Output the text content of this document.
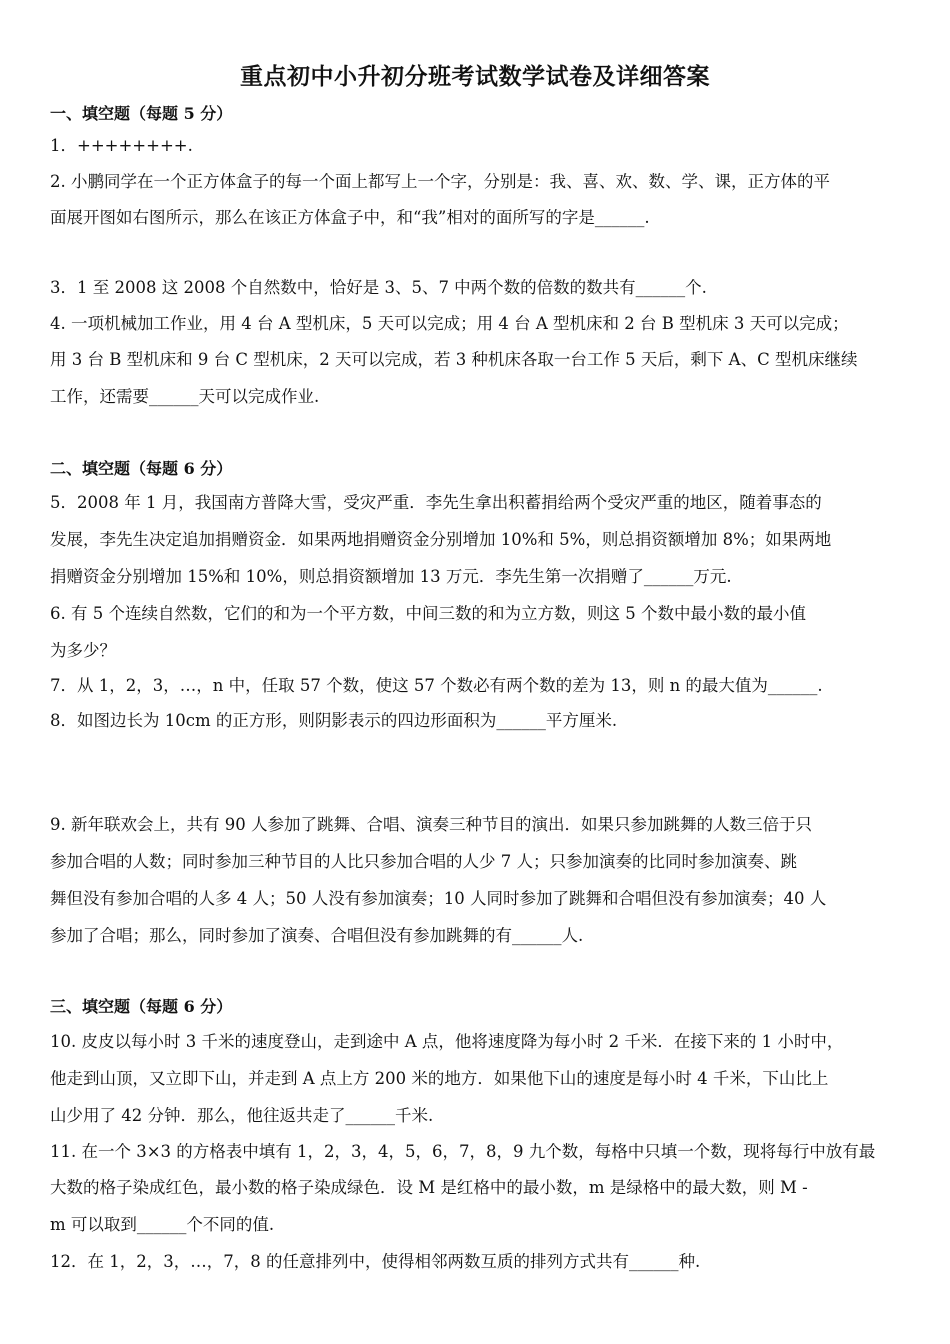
重点初中小升初分班考试数学试卷及详细答案
一、填空题（每题 5 分）
1．++++++++.
2. 小鹏同学在一个正方体盒子的每一个面上都写上一个字，分别是：我、喜、欢、数、学、课，正方体的平
面展开图如右图所示，那么在该正方体盒子中，和“我”相对的面所写的字是______.
3．1 至 2008 这 2008 个自然数中，恰好是 3、5、7 中两个数的倍数的数共有______个.
4. 一项机械加工作业，用 4 台 A 型机床，5 天可以完成；用 4 台 A 型机床和 2 台 B 型机床 3 天可以完成；
用 3 台 B 型机床和 9 台 C 型机床，2 天可以完成，若 3 种机床各取一台工作 5 天后，剩下 A、C 型机床继续
工作，还需要______天可以完成作业.
二、填空题（每题 6 分）
5．2008 年 1 月，我国南方普降大雪，受灾严重．李先生拿出积蓄捐给两个受灾严重的地区，随着事态的
发展，李先生决定追加捐赠资金．如果两地捐赠资金分别增加 10%和 5%，则总捐资额增加 8%；如果两地
捐赠资金分别增加 15%和 10%，则总捐资额增加 13 万元．李先生第一次捐赠了______万元.
6. 有 5 个连续自然数，它们的和为一个平方数，中间三数的和为立方数，则这 5 个数中最小数的最小值
为多少？
7．从 1，2，3，…，n 中，任取 57 个数，使这 57 个数必有两个数的差为 13，则 n 的最大值为______.
8．如图边长为 10cm 的正方形，则阴影表示的四边形面积为______平方厘米.
9. 新年联欢会上，共有 90 人参加了跳舞、合唱、演奏三种节目的演出．如果只参加跳舞的人数三倍于只
参加合唱的人数；同时参加三种节目的人比只参加合唱的人少 7 人；只参加演奏的比同时参加演奏、跳
舞但没有参加合唱的人多 4 人；50 人没有参加演奏；10 人同时参加了跳舞和合唱但没有参加演奏；40 人
参加了合唱；那么，同时参加了演奏、合唱但没有参加跳舞的有______人.
三、填空题（每题 6 分）
10. 皮皮以每小时 3 千米的速度登山，走到途中 A 点，他将速度降为每小时 2 千米．在接下来的 1 小时中，
他走到山顶，又立即下山，并走到 A 点上方 200 米的地方．如果他下山的速度是每小时 4 千米，下山比上
山少用了 42 分钟．那么，他往返共走了______千米.
11. 在一个 3×3 的方格表中填有 1，2，3，4，5，6，7，8，9 九个数，每格中只填一个数，现将每行中放有最
大数的格子染成红色，最小数的格子染成绿色．设 M 是红格中的最小数，m 是绿格中的最大数，则 M -
m 可以取到______个不同的值.
12．在 1，2，3，…，7，8 的任意排列中，使得相邻两数互质的排列方式共有______种.
